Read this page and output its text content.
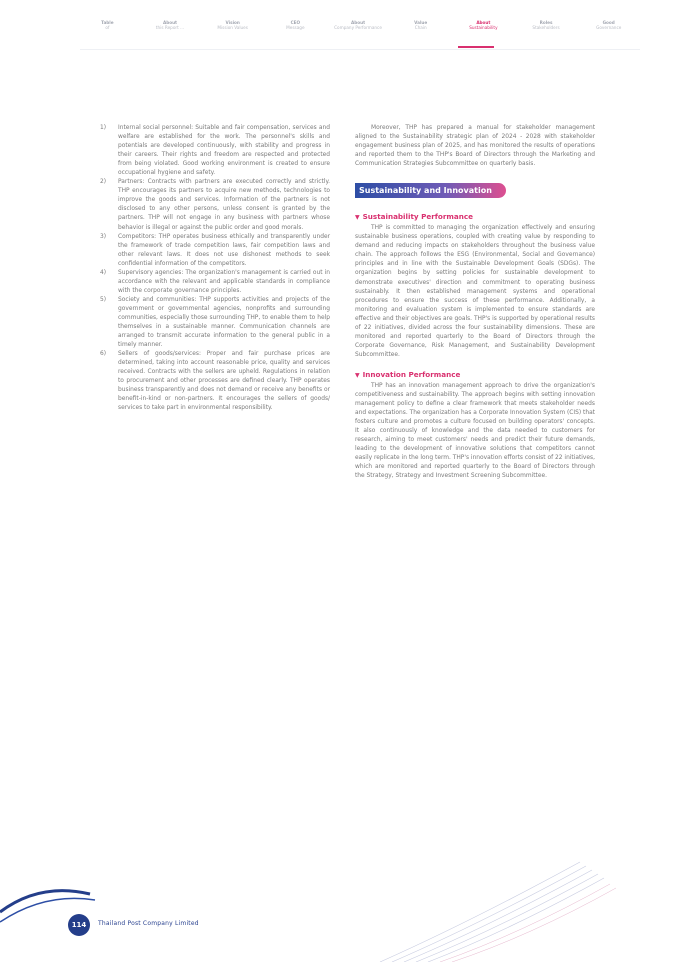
Table
of
About
this Report ...
Vision
Mission Values
CEO
Message
About
Company Performance
Value
Chain
About
Sustainability
Roles
Stakeholders
Good
Governance
1) Internal social personnel: Suitable and fair compensation, services and welfare are established for the work. The personnel's skills and potentials are developed continuously, with stability and progress in their careers. Their rights and freedom are respected and protected from being violated. Good working environment is created to ensure occupational hygiene and safety.
2) Partners: Contracts with partners are executed correctly and strictly. THP encourages its partners to acquire new methods, technologies to improve the goods and services. Information of the partners is not disclosed to any other persons, unless consent is granted by the partners. THP will not engage in any business with partners whose behavior is illegal or against the public order and good morals.
3) Competitors: THP operates business ethically and transparently under the framework of trade competition laws, fair competition laws and other relevant laws. It does not use dishonest methods to seek confidential information of the competitors.
4) Supervisory agencies: The organization's management is carried out in accordance with the relevant and applicable standards in compliance with the corporate governance principles.
5) Society and communities: THP supports activities and projects of the government or governmental agencies, nonprofits and surrounding communities, especially those surrounding THP, to enable them to help themselves in a sustainable manner. Communication channels are arranged to transmit accurate information to the general public in a timely manner.
6) Sellers of goods/services: Proper and fair purchase prices are determined, taking into account reasonable price, quality and services received. Contracts with the sellers are upheld. Regulations in relation to procurement and other processes are defined clearly. THP operates business transparently and does not demand or receive any benefits or benefit-in-kind or non-partners. It encourages the sellers of goods/ services to take part in environmental responsibility.

Moreover, THP has prepared a manual for stakeholder management aligned to the Sustainability strategic plan of 2024 - 2028 with stakeholder engagement business plan of 2025, and has monitored the results of operations and reported them to the THP's Board of Directors through the Marketing and Communication Strategies Subcommittee on quarterly basis.

Sustainability and Innovation
▼ Sustainability Performance

THP is committed to managing the organization effectively and ensuring sustainable business operations, coupled with creating value by responding to demand and reducing impacts on stakeholders throughout the business value chain. The approach follows the ESG (Environmental, Social and Governance) principles and in line with the Sustainable Development Goals (SDGs). The organization begins by setting policies for sustainable development to demonstrate executives' direction and commitment to operating business sustainably. It then established management systems and operational procedures to ensure the success of these performance. Additionally, a monitoring and evaluation system is implemented to ensure standards are effective and their objectives are goals. THP's is supported by operational results of 22 initiatives, divided across the four sustainability dimensions. These are monitored and reported quarterly to the Board of Directors through the Corporate Governance, Risk Management, and Sustainability Development Subcommittee.

▼ Innovation Performance

THP has an innovation management approach to drive the organization's competitiveness and sustainability. The approach begins with setting innovation management policy to define a clear framework that meets stakeholder needs and expectations. The organization has a Corporate Innovation System (CIS) that fosters culture and promotes a culture focused on building operators' concepts. It also continuously of knowledge and the data needed to customers for research, aiming to meet customers' needs and predict their future demands, leading to the development of innovative solutions that competitors cannot easily replicate in the long term. THP's innovation efforts consist of 22 initiatives, which are monitored and reported quarterly to the Board of Directors through the Strategy, Strategy and Investment Screening Subcommittee.

114	Thailand Post Company Limited
